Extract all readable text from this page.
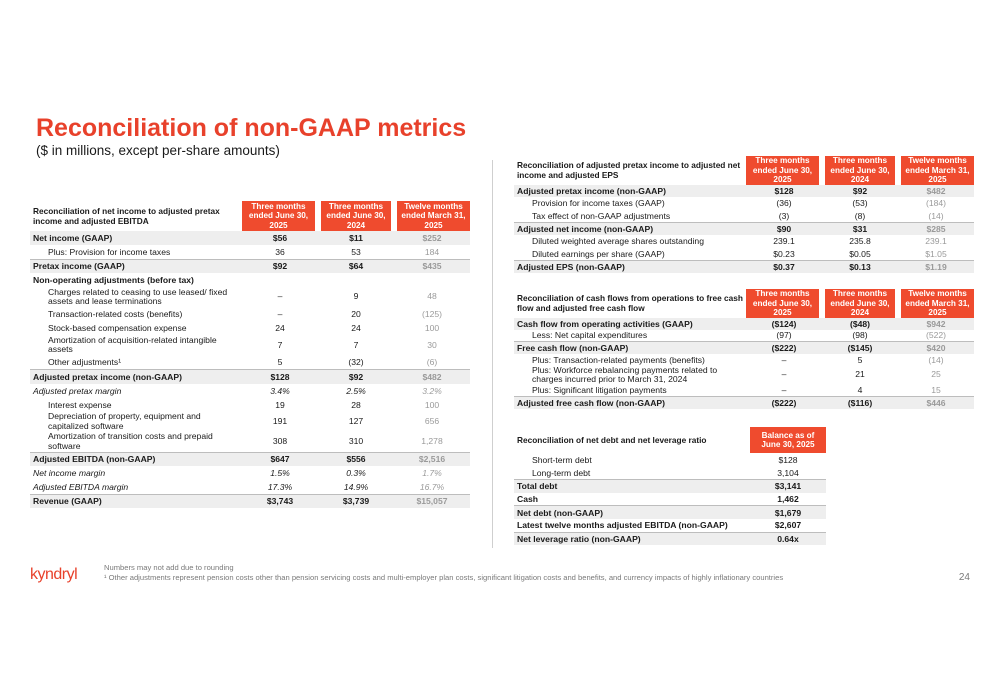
Reconciliation of non-GAAP metrics
($ in millions, except per-share amounts)
Reconciliation of net income to adjusted pretax income and adjusted EBITDA	Three months ended June 30, 2025	Three months ended June 30, 2024	Twelve months ended March 31, 2025
Net income (GAAP)	$56	$11	$252
Plus: Provision for income taxes	36	53	184
Pretax income (GAAP)	$92	$64	$435
Non-operating adjustments (before tax)			
Charges related to ceasing to use leased/ fixed assets and lease terminations	–	9	48
Transaction-related costs (benefits)	–	20	(125)
Stock-based compensation expense	24	24	100
Amortization of acquisition-related intangible assets	7	7	30
Other adjustments¹	5	(32)	(6)
Adjusted pretax income (non-GAAP)	$128	$92	$482
Adjusted pretax margin	3.4%	2.5%	3.2%
Interest expense	19	28	100
Depreciation of property, equipment and capitalized software	191	127	656
Amortization of transition costs and prepaid software	308	310	1,278
Adjusted EBITDA (non-GAAP)	$647	$556	$2,516
Net income margin	1.5%	0.3%	1.7%
Adjusted EBITDA margin	17.3%	14.9%	16.7%
Revenue (GAAP)	$3,743	$3,739	$15,057
Reconciliation of adjusted pretax income to adjusted net income and adjusted EPS	Three months ended June 30, 2025	Three months ended June 30, 2024	Twelve months ended March 31, 2025
Adjusted pretax income (non-GAAP)	$128	$92	$482
Provision for income taxes (GAAP)	(36)	(53)	(184)
Tax effect of non-GAAP adjustments	(3)	(8)	(14)
Adjusted net income (non-GAAP)	$90	$31	$285
Diluted weighted average shares outstanding	239.1	235.8	239.1
Diluted earnings per share (GAAP)	$0.23	$0.05	$1.05
Adjusted EPS (non-GAAP)	$0.37	$0.13	$1.19
Reconciliation of cash flows from operations to free cash flow and adjusted free cash flow	Three months ended June 30, 2025	Three months ended June 30, 2024	Twelve months ended March 31, 2025
Cash flow from operating activities (GAAP)	($124)	($48)	$942
Less: Net capital expenditures	(97)	(98)	(522)
Free cash flow (non-GAAP)	($222)	($145)	$420
Plus: Transaction-related payments (benefits)	–	5	(14)
Plus: Workforce rebalancing payments related to charges incurred prior to March 31, 2024	–	21	25
Plus: Significant litigation payments	–	4	15
Adjusted free cash flow (non-GAAP)	($222)	($116)	$446
Reconciliation of net debt and net leverage ratio	Balance as of June 30, 2025
Short-term debt	$128
Long-term debt	3,104
Total debt	$3,141
Cash	1,462
Net debt (non-GAAP)	$1,679
Latest twelve months adjusted EBITDA (non-GAAP)	$2,607
Net leverage ratio (non-GAAP)	0.64x
Numbers may not add due to rounding
¹ Other adjustments represent pension costs other than pension servicing costs and multi-employer plan costs, significant litigation costs and benefits, and currency impacts of highly inflationary countries
kyndryl	24
